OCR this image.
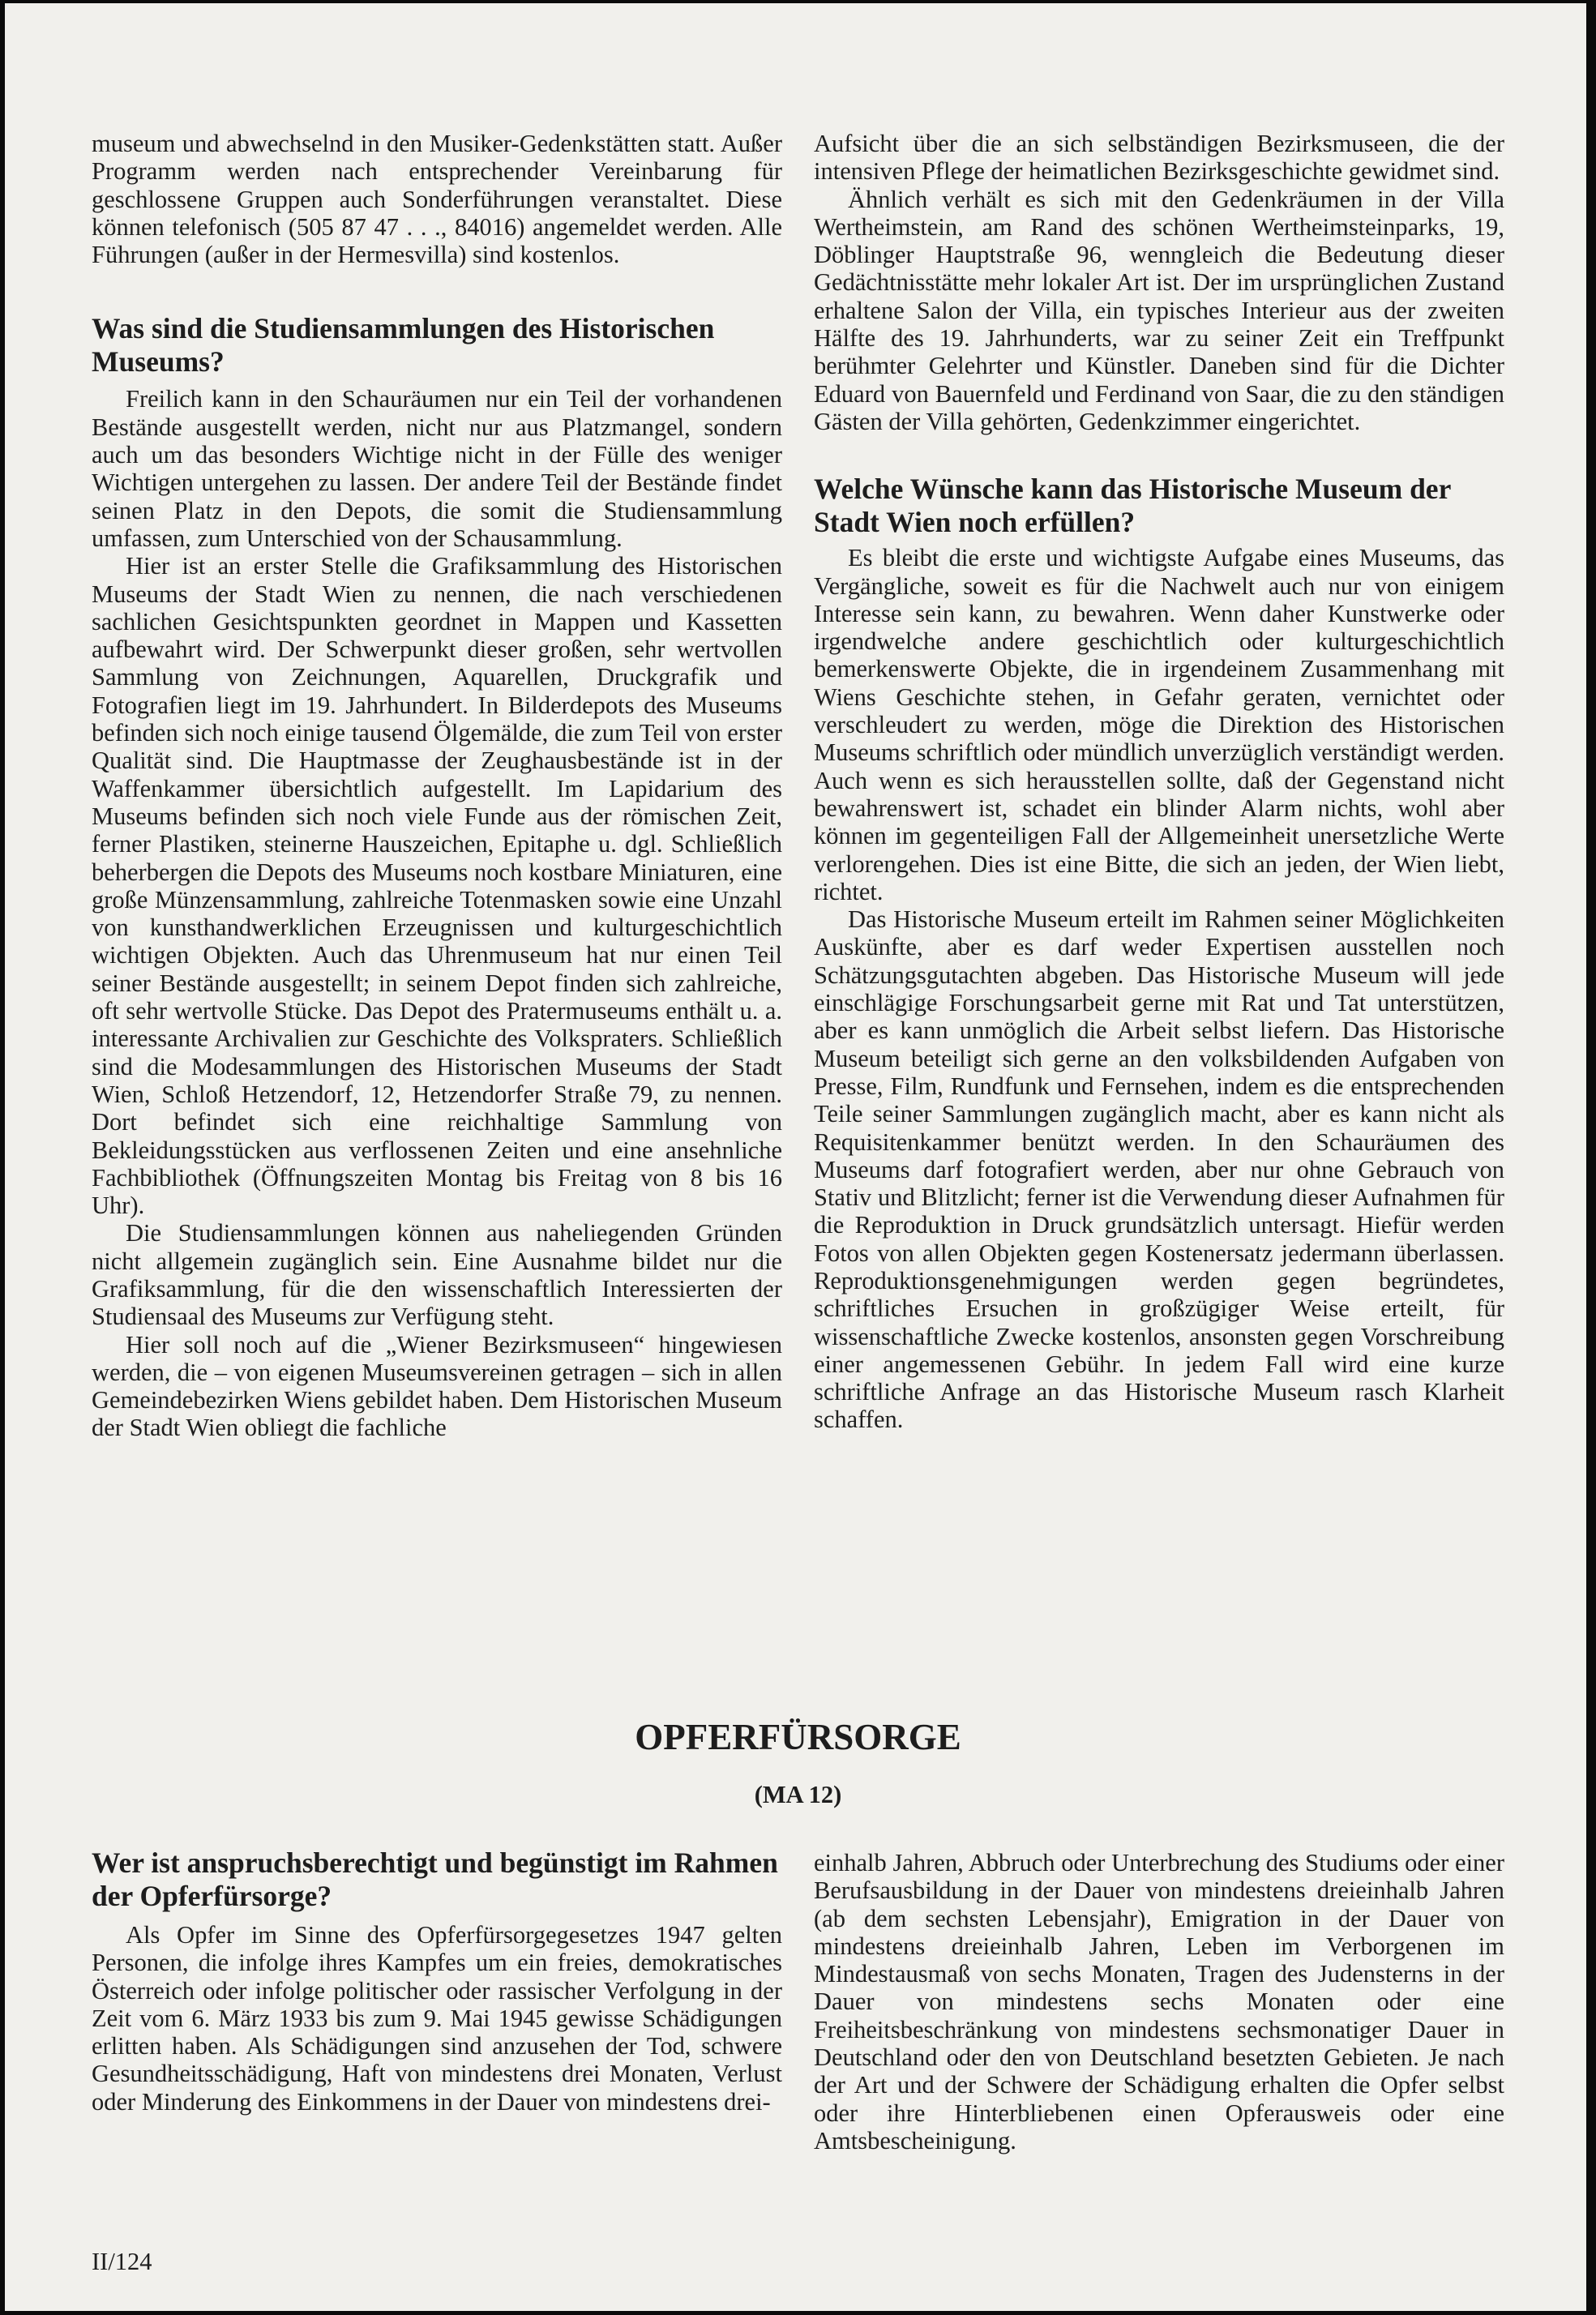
museum und abwechselnd in den Musiker-Gedenkstätten statt. Außer Programm werden nach entsprechender Vereinbarung für geschlossene Gruppen auch Sonderführungen veranstaltet. Diese können telefonisch (505 87 47 . . ., 84016) angemeldet werden. Alle Führungen (außer in der Hermesvilla) sind kostenlos.

Was sind die Studiensammlungen des Historischen Museums?

Freilich kann in den Schauräumen nur ein Teil der vorhandenen Bestände ausgestellt werden, nicht nur aus Platzmangel, sondern auch um das besonders Wichtige nicht in der Fülle des weniger Wichtigen untergehen zu lassen. Der andere Teil der Bestände findet seinen Platz in den Depots, die somit die Studiensammlung umfassen, zum Unterschied von der Schausammlung.

Hier ist an erster Stelle die Grafiksammlung des Historischen Museums der Stadt Wien zu nennen, die nach verschiedenen sachlichen Gesichtspunkten geordnet in Mappen und Kassetten aufbewahrt wird. Der Schwerpunkt dieser großen, sehr wertvollen Sammlung von Zeichnungen, Aquarellen, Druckgrafik und Fotografien liegt im 19. Jahrhundert. In Bilderdepots des Museums befinden sich noch einige tausend Ölgemälde, die zum Teil von erster Qualität sind. Die Hauptmasse der Zeughausbestände ist in der Waffenkammer übersichtlich aufgestellt. Im Lapidarium des Museums befinden sich noch viele Funde aus der römischen Zeit, ferner Plastiken, steinerne Hauszeichen, Epitaphe u. dgl. Schließlich beherbergen die Depots des Museums noch kostbare Miniaturen, eine große Münzensammlung, zahlreiche Totenmasken sowie eine Unzahl von kunsthandwerklichen Erzeugnissen und kulturgeschichtlich wichtigen Objekten. Auch das Uhrenmuseum hat nur einen Teil seiner Bestände ausgestellt; in seinem Depot finden sich zahlreiche, oft sehr wertvolle Stücke. Das Depot des Pratermuseums enthält u. a. interessante Archivalien zur Geschichte des Volkspraters. Schließlich sind die Modesammlungen des Historischen Museums der Stadt Wien, Schloß Hetzendorf, 12, Hetzendorfer Straße 79, zu nennen. Dort befindet sich eine reichhaltige Sammlung von Bekleidungsstücken aus verflossenen Zeiten und eine ansehnliche Fachbibliothek (Öffnungszeiten Montag bis Freitag von 8 bis 16 Uhr).

Die Studiensammlungen können aus naheliegenden Gründen nicht allgemein zugänglich sein. Eine Ausnahme bildet nur die Grafiksammlung, für die den wissenschaftlich Interessierten der Studiensaal des Museums zur Verfügung steht.

Hier soll noch auf die „Wiener Bezirksmuseen“ hingewiesen werden, die – von eigenen Museumsvereinen getragen – sich in allen Gemeindebezirken Wiens gebildet haben. Dem Historischen Museum der Stadt Wien obliegt die fachliche

Aufsicht über die an sich selbständigen Bezirksmuseen, die der intensiven Pflege der heimatlichen Bezirksgeschichte gewidmet sind.

Ähnlich verhält es sich mit den Gedenkräumen in der Villa Wertheimstein, am Rand des schönen Wertheimsteinparks, 19, Döblinger Hauptstraße 96, wenngleich die Bedeutung dieser Gedächtnisstätte mehr lokaler Art ist. Der im ursprünglichen Zustand erhaltene Salon der Villa, ein typisches Interieur aus der zweiten Hälfte des 19. Jahrhunderts, war zu seiner Zeit ein Treffpunkt berühmter Gelehrter und Künstler. Daneben sind für die Dichter Eduard von Bauernfeld und Ferdinand von Saar, die zu den ständigen Gästen der Villa gehörten, Gedenkzimmer eingerichtet.

Welche Wünsche kann das Historische Museum der Stadt Wien noch erfüllen?

Es bleibt die erste und wichtigste Aufgabe eines Museums, das Vergängliche, soweit es für die Nachwelt auch nur von einigem Interesse sein kann, zu bewahren. Wenn daher Kunstwerke oder irgendwelche andere geschichtlich oder kulturgeschichtlich bemerkenswerte Objekte, die in irgendeinem Zusammenhang mit Wiens Geschichte stehen, in Gefahr geraten, vernichtet oder verschleudert zu werden, möge die Direktion des Historischen Museums schriftlich oder mündlich unverzüglich verständigt werden. Auch wenn es sich herausstellen sollte, daß der Gegenstand nicht bewahrenswert ist, schadet ein blinder Alarm nichts, wohl aber können im gegenteiligen Fall der Allgemeinheit unersetzliche Werte verlorengehen. Dies ist eine Bitte, die sich an jeden, der Wien liebt, richtet.

Das Historische Museum erteilt im Rahmen seiner Möglichkeiten Auskünfte, aber es darf weder Expertisen ausstellen noch Schätzungsgutachten abgeben. Das Historische Museum will jede einschlägige Forschungsarbeit gerne mit Rat und Tat unterstützen, aber es kann unmöglich die Arbeit selbst liefern. Das Historische Museum beteiligt sich gerne an den volksbildenden Aufgaben von Presse, Film, Rundfunk und Fernsehen, indem es die entsprechenden Teile seiner Sammlungen zugänglich macht, aber es kann nicht als Requisitenkammer benützt werden. In den Schauräumen des Museums darf fotografiert werden, aber nur ohne Gebrauch von Stativ und Blitzlicht; ferner ist die Verwendung dieser Aufnahmen für die Reproduktion in Druck grundsätzlich untersagt. Hiefür werden Fotos von allen Objekten gegen Kostenersatz jedermann überlassen. Reproduktionsgenehmigungen werden gegen begründetes, schriftliches Ersuchen in großzügiger Weise erteilt, für wissenschaftliche Zwecke kostenlos, ansonsten gegen Vorschreibung einer angemessenen Gebühr. In jedem Fall wird eine kurze schriftliche Anfrage an das Historische Museum rasch Klarheit schaffen.

OPFERFÜRSORGE
(MA 12)
Wer ist anspruchsberechtigt und begünstigt im Rahmen der Opferfürsorge?

Als Opfer im Sinne des Opferfürsorgegesetzes 1947 gelten Personen, die infolge ihres Kampfes um ein freies, demokratisches Österreich oder infolge politischer oder rassischer Verfolgung in der Zeit vom 6. März 1933 bis zum 9. Mai 1945 gewisse Schädigungen erlitten haben. Als Schädigungen sind anzusehen der Tod, schwere Gesundheitsschädigung, Haft von mindestens drei Monaten, Verlust oder Minderung des Einkommens in der Dauer von mindestens drei-

einhalb Jahren, Abbruch oder Unterbrechung des Studiums oder einer Berufsausbildung in der Dauer von mindestens dreieinhalb Jahren (ab dem sechsten Lebensjahr), Emigration in der Dauer von mindestens dreieinhalb Jahren, Leben im Verborgenen im Mindestausmaß von sechs Monaten, Tragen des Judensterns in der Dauer von mindestens sechs Monaten oder eine Freiheitsbeschränkung von mindestens sechsmonatiger Dauer in Deutschland oder den von Deutschland besetzten Gebieten. Je nach der Art und der Schwere der Schädigung erhalten die Opfer selbst oder ihre Hinterbliebenen einen Opferausweis oder eine Amtsbescheinigung.

II/124
